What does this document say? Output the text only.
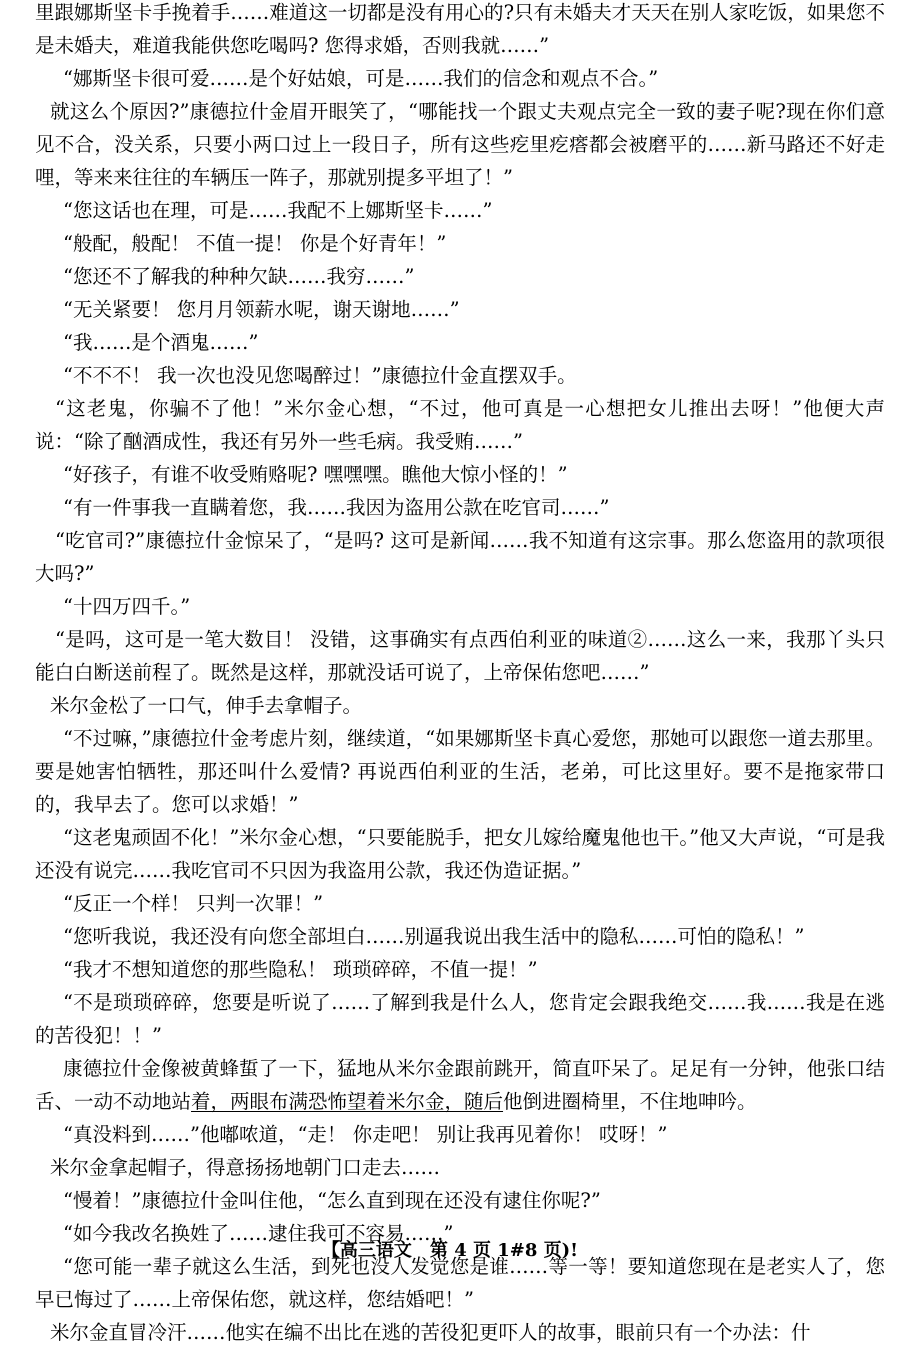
里跟娜斯坚卡手挽着手……难道这一切都是没有用心的?只有未婚夫才天天在别人家吃饭，如果您不是未婚夫，难道我能供您吃喝吗? 您得求婚，否则我就……”

“娜斯坚卡很可爱……是个好姑娘，可是……我们的信念和观点不合。”

就这么个原因?”康德拉什金眉开眼笑了，“哪能找一个跟丈夫观点完全一致的妻子呢?现在你们意见不合，没关系，只要小两口过上一段日子，所有这些疙里疙瘩都会被磨平的……新马路还不好走哩，等来来往往的车辆压一阵子，那就别提多平坦了！”

“您这话也在理，可是……我配不上娜斯坚卡……”

“般配，般配！ 不值一提！ 你是个好青年！”

“您还不了解我的种种欠缺……我穷……”

“无关紧要！ 您月月领薪水呢，谢天谢地……”

“我……是个酒鬼……”

“不不不！ 我一次也没见您喝醉过！”康德拉什金直摆双手。

“这老鬼，你骗不了他！”米尔金心想，“不过，他可真是一心想把女儿推出去呀！”他便大声说：“除了酗酒成性，我还有另外一些毛病。我受贿……”

“好孩子，有谁不收受贿赂呢? 嘿嘿嘿。瞧他大惊小怪的！”

“有一件事我一直瞒着您，我……我因为盗用公款在吃官司……”

“吃官司?”康德拉什金惊呆了，“是吗? 这可是新闻……我不知道有这宗事。那么您盗用的款项很大吗?”

“十四万四千。”

“是吗，这可是一笔大数目！ 没错，这事确实有点西伯利亚的味道②……这么一来，我那丫头只能白白断送前程了。既然是这样，那就没话可说了，上帝保佑您吧……”

米尔金松了一口气，伸手去拿帽子。

“不过嘛，”康德拉什金考虑片刻，继续道，“如果娜斯坚卡真心爱您，那她可以跟您一道去那里。要是她害怕牺牲，那还叫什么爱情? 再说西伯利亚的生活，老弟，可比这里好。要不是拖家带口的，我早去了。您可以求婚！”

“这老鬼顽固不化！”米尔金心想，“只要能脱手，把女儿嫁给魔鬼他也干。”他又大声说，“可是我还没有说完……我吃官司不只因为我盗用公款，我还伪造证据。”

“反正一个样！ 只判一次罪！”

“您听我说，我还没有向您全部坦白……别逼我说出我生活中的隐私……可怕的隐私！”

“我才不想知道您的那些隐私！ 琐琐碎碎，不值一提！”

“不是琐琐碎碎，您要是听说了……了解到我是什么人，您肯定会跟我绝交……我……我是在逃的苦役犯！！”

康德拉什金像被黄蜂蜇了一下，猛地从米尔金跟前跳开，简直吓呆了。足足有一分钟，他张口结舌、一动不动地站着，两眼布满恐怖望着米尔金，随后他倒进圈椅里，不住地呻吟。

“真没料到……”他嘟哝道，“走！ 你走吧！ 别让我再见着你！ 哎呀！”

米尔金拿起帽子，得意扬扬地朝门口走去……

“慢着！”康德拉什金叫住他，“怎么直到现在还没有逮住你呢?”

“如今我改名换姓了……逮住我可不容易……”

“您可能一辈子就这么生活，到死也没人发觉您是谁……等一等！要知道您现在是老实人了，您早已悔过了……上帝保佑您，就这样，您结婚吧！”

米尔金直冒冷汗……他实在编不出比在逃的苦役犯更吓人的故事，眼前只有一个办法：什

【高三语文　第 4 页 1#8 页)!
